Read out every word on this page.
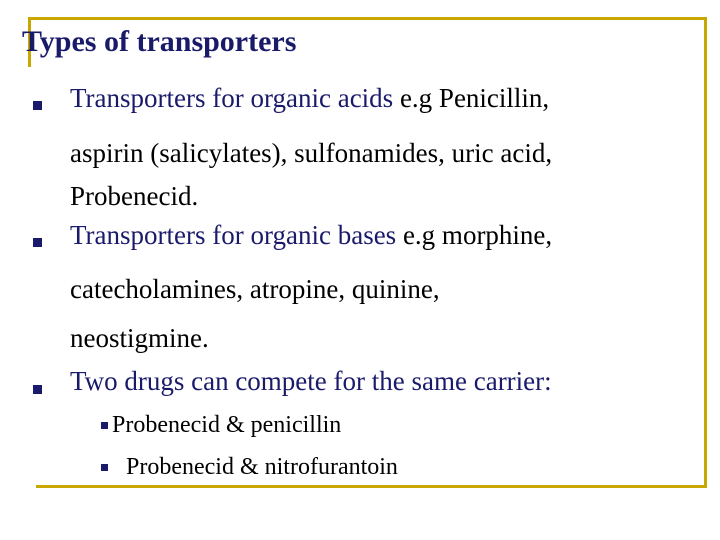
Types of transporters
Transporters for organic acids e.g Penicillin,
aspirin (salicylates), sulfonamides, uric acid,
Probenecid.
Transporters for organic bases e.g morphine,
catecholamines, atropine, quinine,
neostigmine.
Two drugs can compete for the same carrier:
Probenecid & penicillin
Probenecid & nitrofurantoin
